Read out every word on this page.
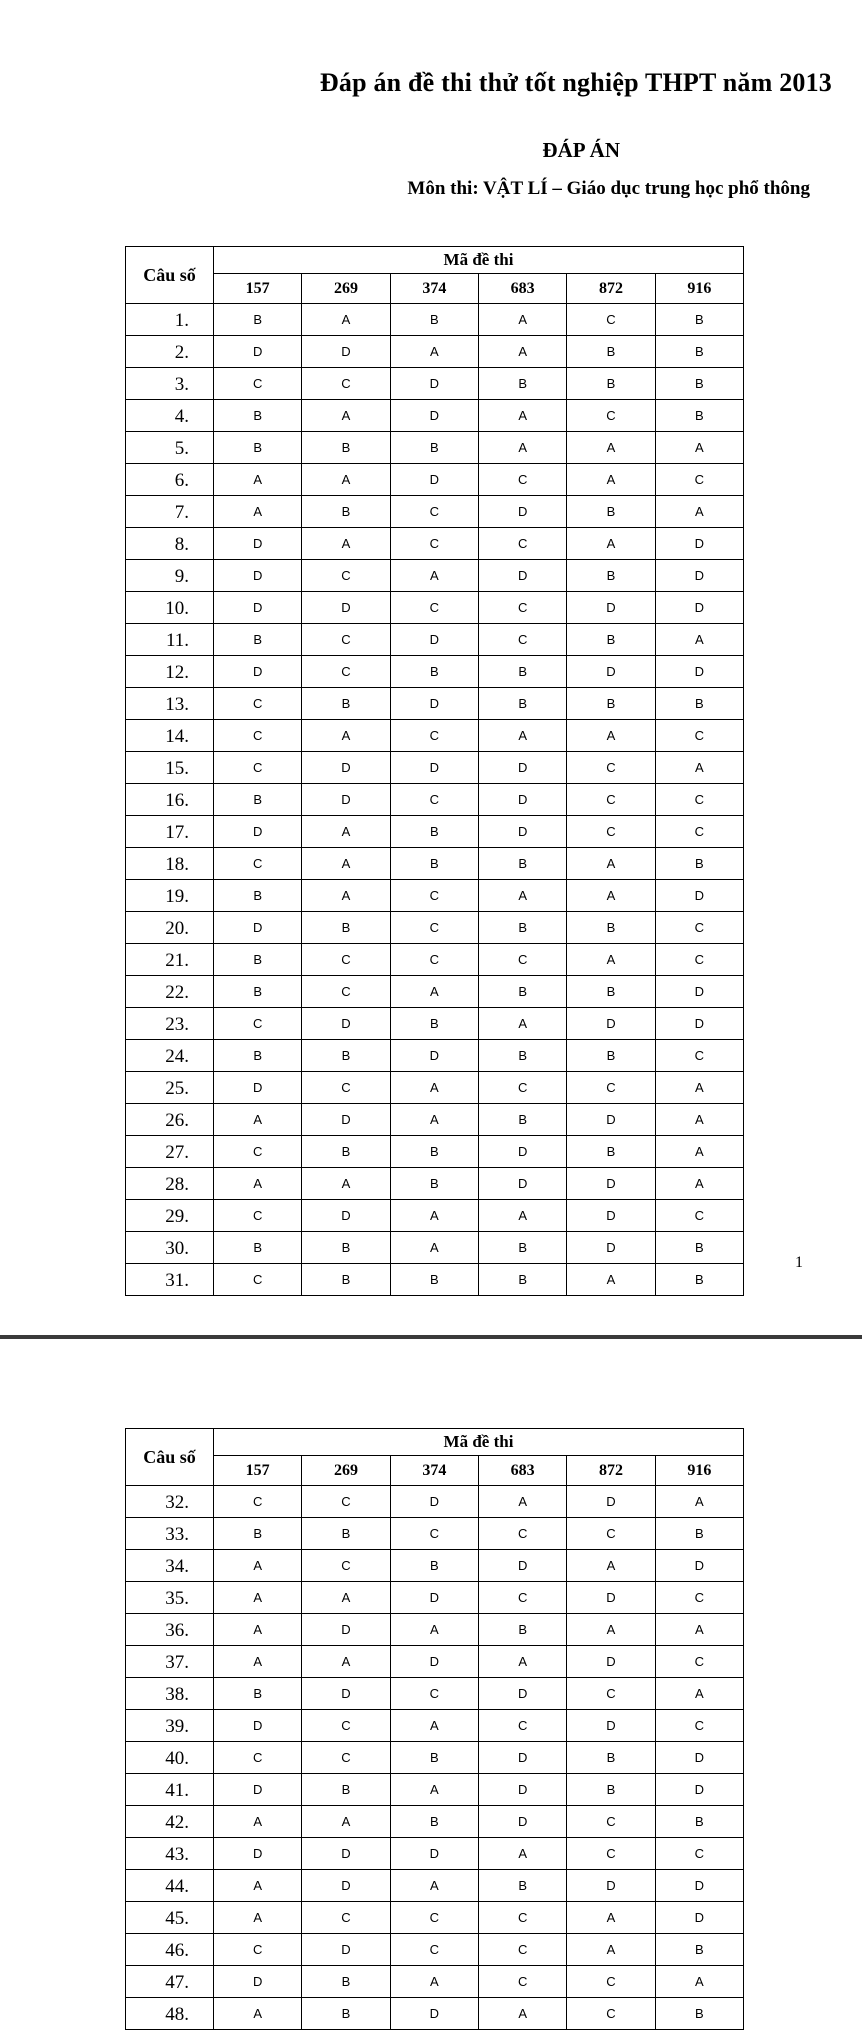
Đáp án đề thi thử tốt nghiệp THPT năm 2013
ĐÁP ÁN
Môn thi: VẬT LÍ – Giáo dục trung học phổ thông
Câu số	Mã đề thi					
	157	269	374	683	872	916
1.	B	A	B	A	C	B
2.	D	D	A	A	B	B
3.	C	C	D	B	B	B
4.	B	A	D	A	C	B
5.	B	B	B	A	A	A
6.	A	A	D	C	A	C
7.	A	B	C	D	B	A
8.	D	A	C	C	A	D
9.	D	C	A	D	B	D
10.	D	D	C	C	D	D
11.	B	C	D	C	B	A
12.	D	C	B	B	D	D
13.	C	B	D	B	B	B
14.	C	A	C	A	A	C
15.	C	D	D	D	C	A
16.	B	D	C	D	C	C
17.	D	A	B	D	C	C
18.	C	A	B	B	A	B
19.	B	A	C	A	A	D
20.	D	B	C	B	B	C
21.	B	C	C	C	A	C
22.	B	C	A	B	B	D
23.	C	D	B	A	D	D
24.	B	B	D	B	B	C
25.	D	C	A	C	C	A
26.	A	D	A	B	D	A
27.	C	B	B	D	B	A
28.	A	A	B	D	D	A
29.	C	D	A	A	D	C
30.	B	B	A	B	D	B
31.	C	B	B	B	A	B
1
Câu số	Mã đề thi					
	157	269	374	683	872	916
32.	C	C	D	A	D	A
33.	B	B	C	C	C	B
34.	A	C	B	D	A	D
35.	A	A	D	C	D	C
36.	A	D	A	B	A	A
37.	A	A	D	A	D	C
38.	B	D	C	D	C	A
39.	D	C	A	C	D	C
40.	C	C	B	D	B	D
41.	D	B	A	D	B	D
42.	A	A	B	D	C	B
43.	D	D	D	A	C	C
44.	A	D	A	B	D	D
45.	A	C	C	C	A	D
46.	C	D	C	C	A	B
47.	D	B	A	C	C	A
48.	A	B	D	A	C	B
